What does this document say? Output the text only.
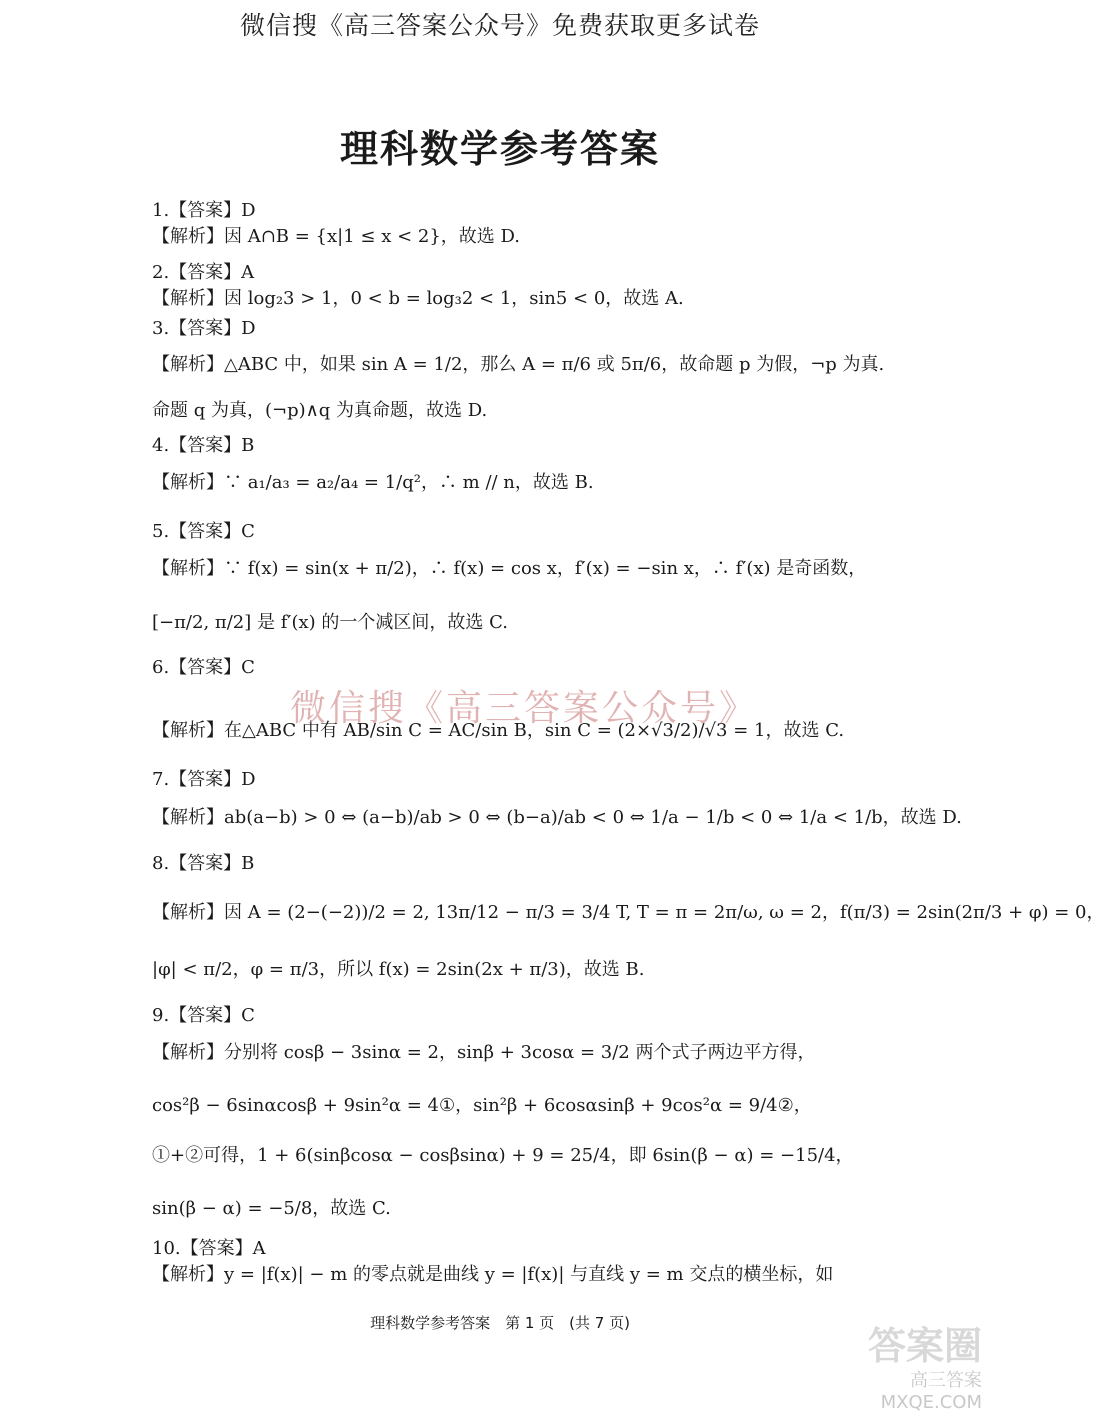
微信搜《高三答案公众号》免费获取更多试卷
理科数学参考答案
1.【答案】D
【解析】因 A∩B = {x|1 ≤ x < 2}，故选 D.
2.【答案】A
【解析】因 log₂3 > 1，0 < b = log₃2 < 1，sin5 < 0，故选 A.
3.【答案】D
【解析】△ABC 中，如果 sin A = 1/2，那么 A = π/6 或 5π/6，故命题 p 为假，¬p 为真.
命题 q 为真，(¬p)∧q 为真命题，故选 D.
4.【答案】B
【解析】∵ a₁/a₃ = a₂/a₄ = 1/q²，∴ m // n，故选 B.
5.【答案】C
【解析】∵ f(x) = sin(x + π/2)，∴ f(x) = cos x，f′(x) = −sin x，∴ f′(x) 是奇函数，
[−π/2, π/2] 是 f′(x) 的一个减区间，故选 C.
6.【答案】C
【解析】在△ABC 中有 AB/sin C = AC/sin B，sin C = (2×√3/2)/√3 = 1，故选 C.
7.【答案】D
【解析】ab(a−b) > 0 ⇔ (a−b)/ab > 0 ⇔ (b−a)/ab < 0 ⇔ 1/a − 1/b < 0 ⇔ 1/a < 1/b，故选 D.
8.【答案】B
【解析】因 A = (2−(−2))/2 = 2, 13π/12 − π/3 = 3/4 T, T = π = 2π/ω, ω = 2，f(π/3) = 2sin(2π/3 + φ) = 0，
|φ| < π/2，φ = π/3，所以 f(x) = 2sin(2x + π/3)，故选 B.
9.【答案】C
【解析】分别将 cosβ − 3sinα = 2，sinβ + 3cosα = 3/2 两个式子两边平方得，
cos²β − 6sinαcosβ + 9sin²α = 4①，sin²β + 6cosαsinβ + 9cos²α = 9/4②，
①+②可得，1 + 6(sinβcosα − cosβsinα) + 9 = 25/4，即 6sin(β − α) = −15/4，
sin(β − α) = −5/8，故选 C.
10.【答案】A
【解析】y = |f(x)| − m 的零点就是曲线 y = |f(x)| 与直线 y = m 交点的横坐标，如
微信搜《高三答案公众号》
理科数学参考答案　第 1 页　(共 7 页)
答案圈
高三答案
MXQE.COM
